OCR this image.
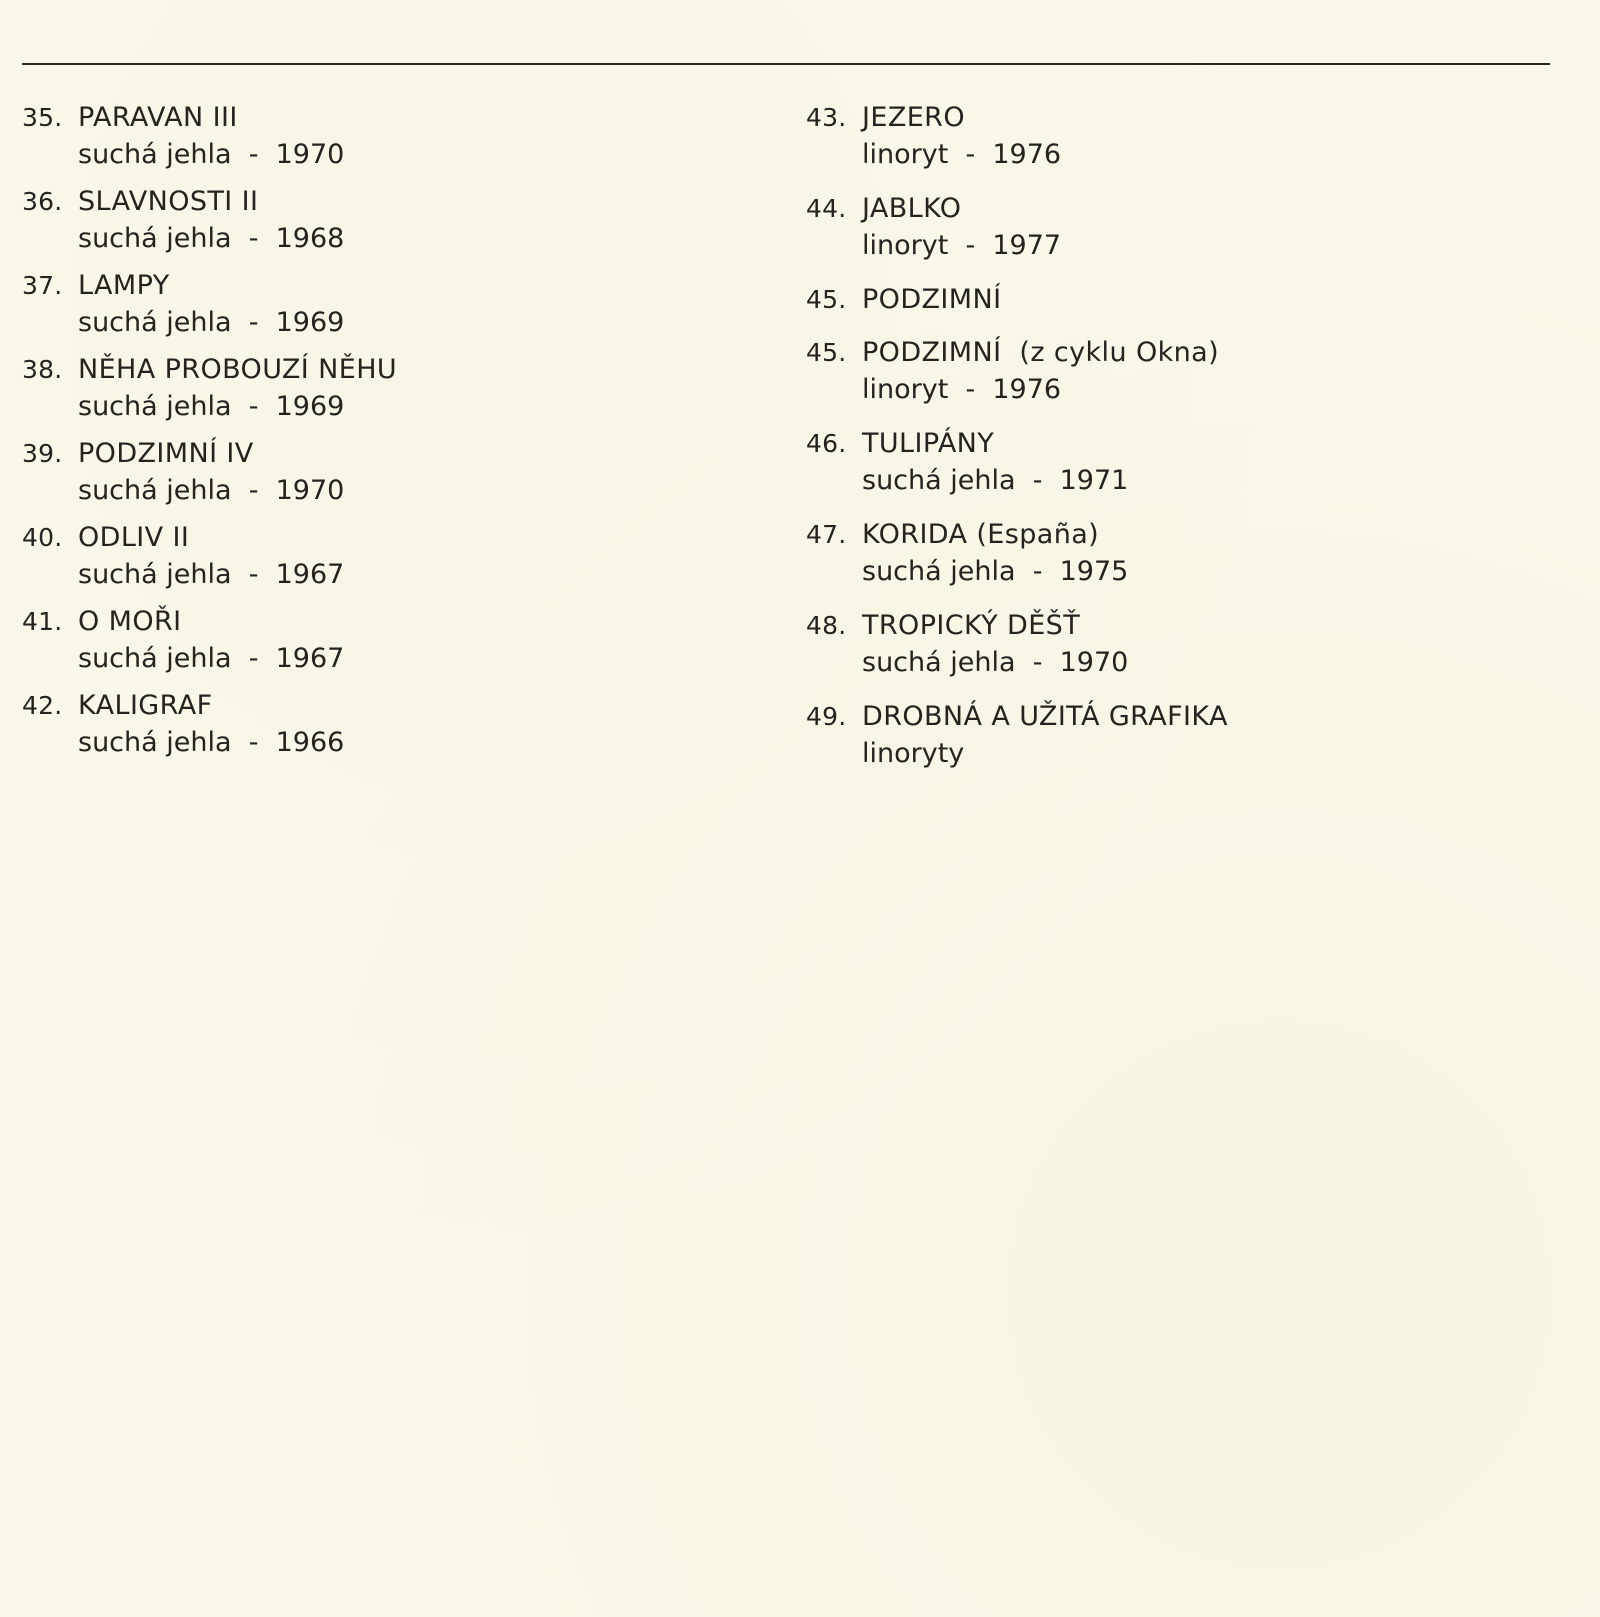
35. PARAVAN III
suchá jehla  -  1970
36. SLAVNOSTI II
suchá jehla  -  1968
37. LAMPY
suchá jehla  -  1969
38. NĚHA PROBOUZÍ NĚHU
suchá jehla  -  1969
39. PODZIMNÍ IV
suchá jehla  -  1970
40. ODLIV II
suchá jehla  -  1967
41. O MOŘI
suchá jehla  -  1967
42. KALIGRAF
suchá jehla  -  1966
43. JEZERO
linoryt  -  1976
44. JABLKO
linoryt  -  1977
45. PODZIMNÍ
45. PODZIMNÍ  (z cyklu Okna)
linoryt  -  1976
46. TULIPÁNY
suchá jehla  -  1971
47. KORIDA (España)
suchá jehla  -  1975
48. TROPICKÝ DĚŠŤ
suchá jehla  -  1970
49. DROBNÁ A UŽITÁ GRAFIKA
linoryty
